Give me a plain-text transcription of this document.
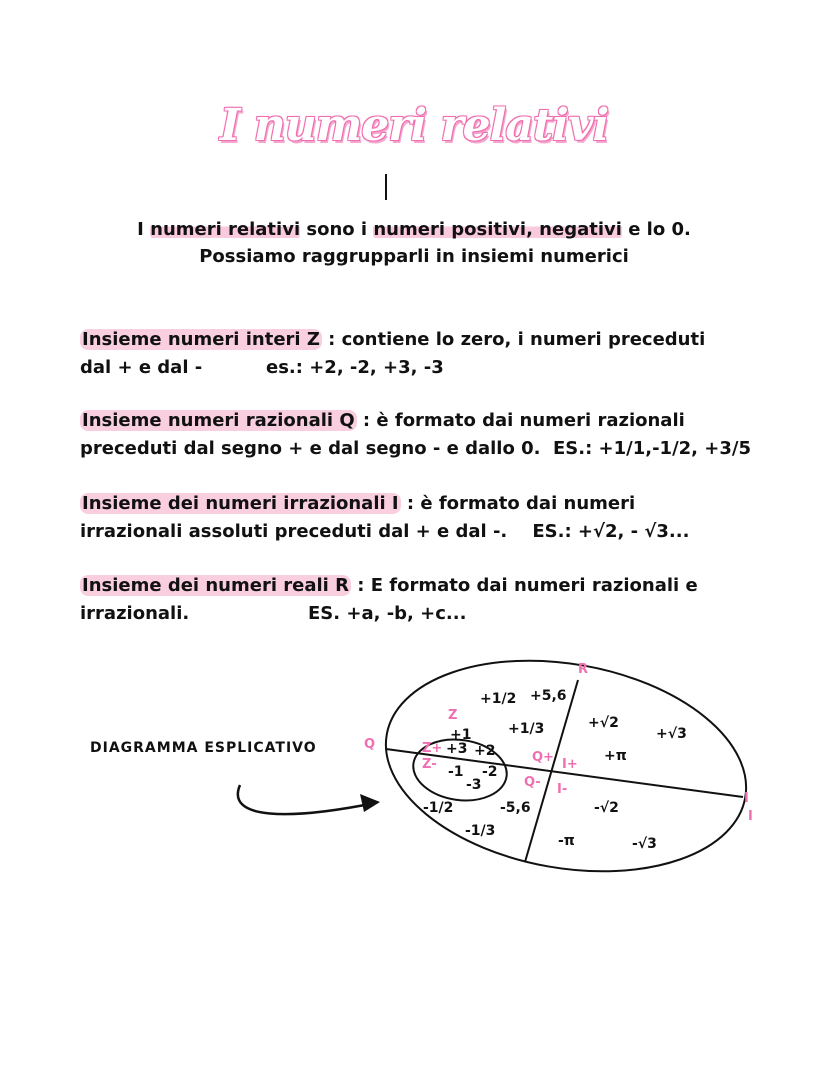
I numeri relativi
I numeri relativi sono i numeri positivi, negativi e lo 0.
Possiamo raggrupparli in insiemi numerici
Insieme numeri interi Z : contiene lo zero, i numeri preceduti
dal + e dal -	es.: +2, -2, +3, -3
Insieme numeri razionali Q : è formato dai numeri razionali
preceduti dal segno + e dal segno - e dallo 0. ES.: +1/1,-1/2, +3/5
Insieme dei numeri irrazionali I : è formato dai numeri
irrazionali assoluti preceduti dal + e dal -. ES.: +√2, - √3...
Insieme dei numeri reali R : E formato dai numeri razionali e
irrazionali.	ES. +a, -b, +c...
DIAGRAMMA ESPLICATIVO
R
Q
Z
Z+
Z-	Q+ I+
Q- I-
I
I
+1/2 +5,6
+1/3
+1
+3 +2
-1 -2
-3
-1/2	-5,6
-1/3
+√2
+√3
+π
-√2
-π	-√3
